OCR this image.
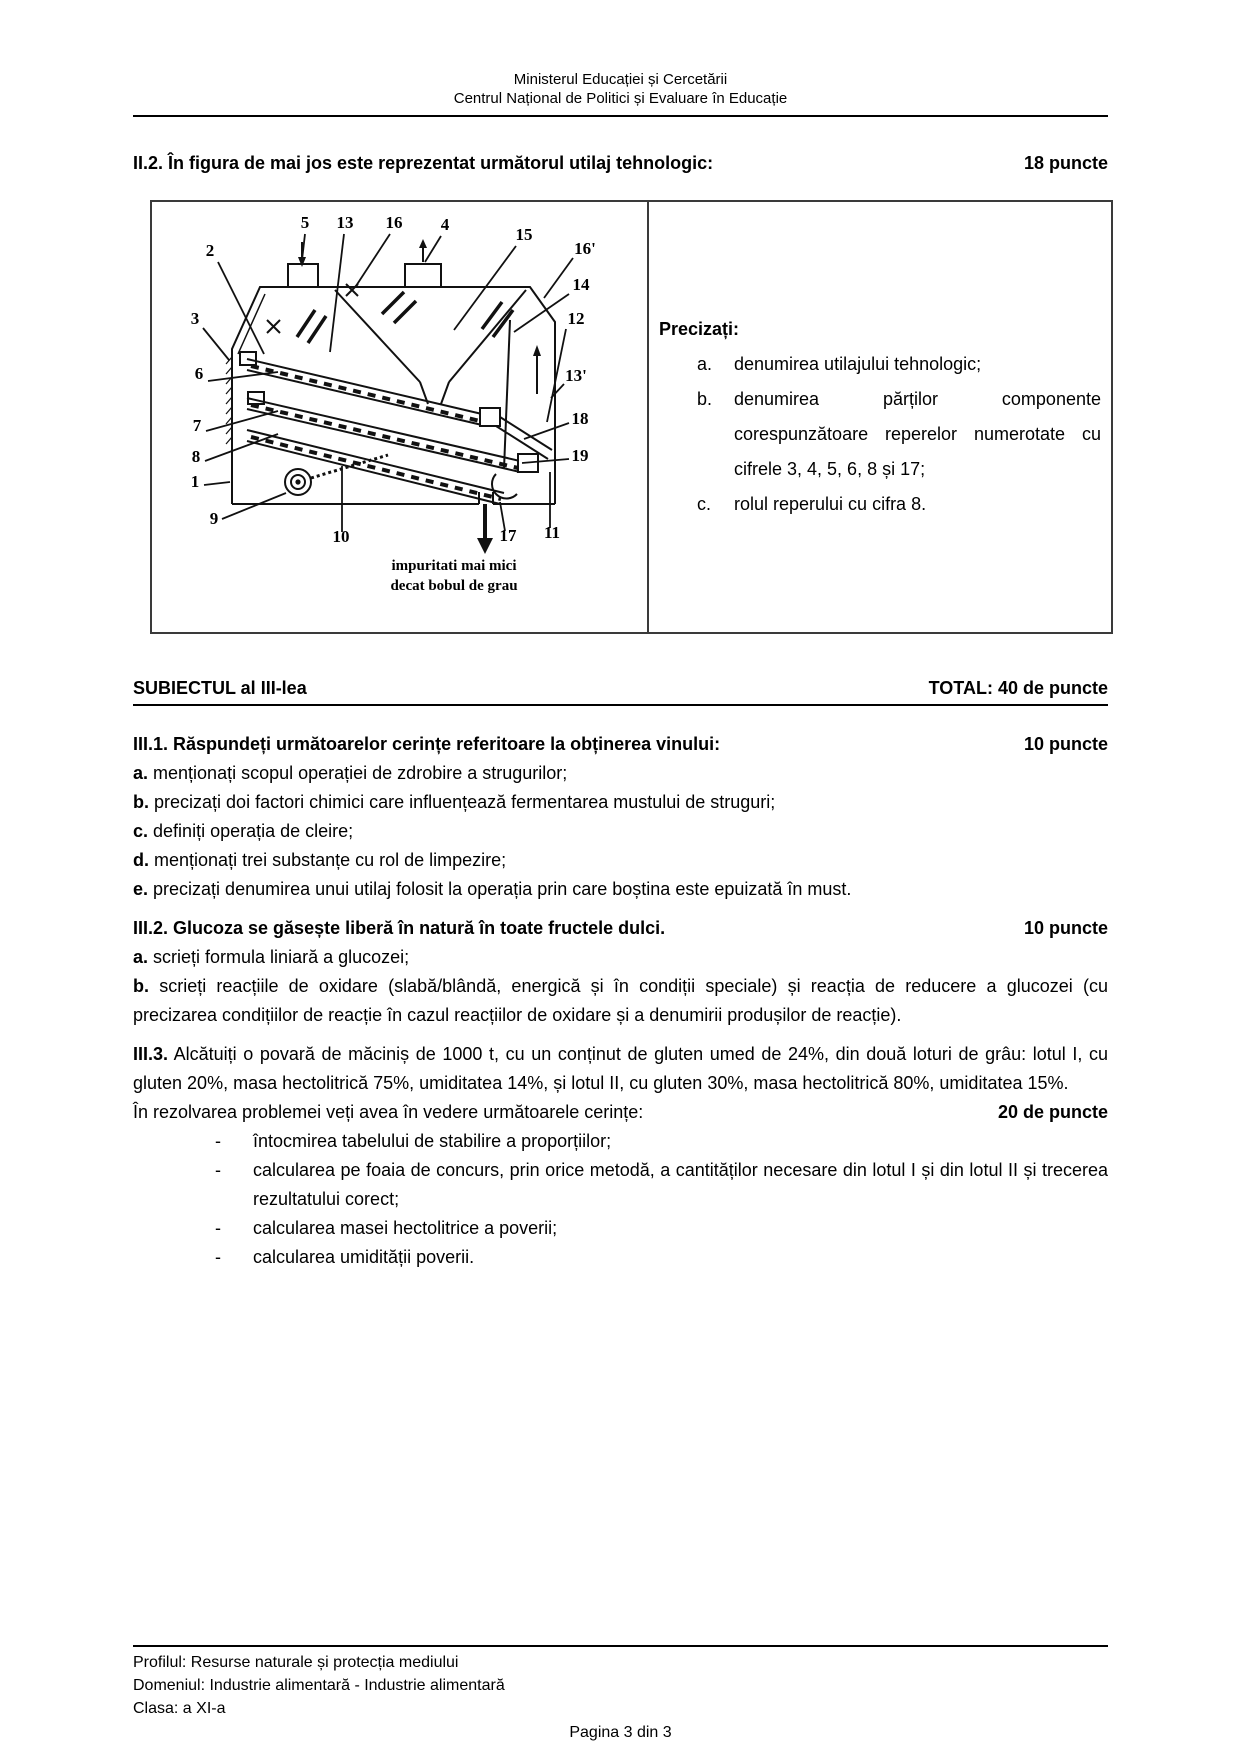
Ministerul Educației și Cercetării
Centrul Național de Politici și Evaluare în Educație
II.2. În figura de mai jos este reprezentat următorul utilaj tehnologic:	18 puncte
5 13 16 4
15
16'
14
12
2
3
6
7
8
1
9
13'
18
19
10	17 11
impuritati mai mici
decat bobul de grau
Precizați:
a.	denumirea utilajului tehnologic;
b.	denumirea părților componente corespunzătoare reperelor numerotate cu cifrele 3, 4, 5, 6, 8 și 17;
c.	rolul reperului cu cifra 8.
SUBIECTUL al III-lea	TOTAL: 40 de puncte
III.1. Răspundeți următoarelor cerințe referitoare la obținerea vinului:	10 puncte
a. menționați scopul operației de zdrobire a strugurilor;
b. precizați doi factori chimici care influențează fermentarea mustului de struguri;
c. definiți operația de cleire;
d. menționați trei substanțe cu rol de limpezire;
e. precizați denumirea unui utilaj folosit la operația prin care boștina este epuizată în must.
III.2. Glucoza se găsește liberă în natură în toate fructele dulci.	10 puncte
a. scrieți formula liniară a glucozei;
b. scrieți reacțiile de oxidare (slabă/blândă, energică și în condiții speciale) și reacția de reducere a glucozei (cu precizarea condițiilor de reacție în cazul reacțiilor de oxidare și a denumirii produșilor de reacție).
20 de puncte
III.3. Alcătuiți o povară de măciniș de 1000 t, cu un conținut de gluten umed de 24%, din două loturi de grâu: lotul I, cu gluten 20%, masa hectolitrică 75%, umiditatea 14%, și lotul II, cu gluten 30%, masa hectolitrică 80%, umiditatea 15%.
În rezolvarea problemei veți avea în vedere următoarele cerințe:
-	întocmirea tabelului de stabilire a proporțiilor;
-	calcularea pe foaia de concurs, prin orice metodă, a cantităților necesare din lotul I și din lotul II și trecerea rezultatului corect;
-	calcularea masei hectolitrice a poverii;
-	calcularea umidității poverii.
Profilul: Resurse naturale și protecția mediului
Domeniul: Industrie alimentară - Industrie alimentară
Clasa: a XI-a
Pagina 3 din 3
